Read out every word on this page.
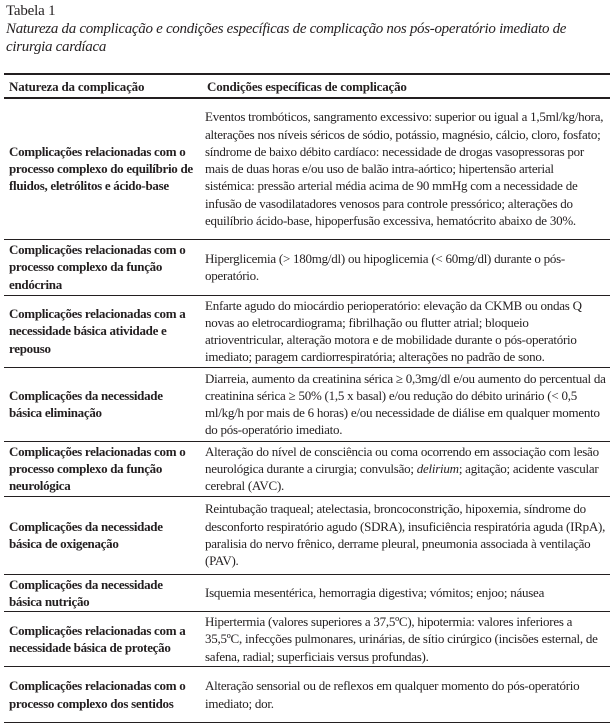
Tabela 1
Natureza da complicação e condições específicas de complicação nos pós-operatório imediato de cirurgia cardíaca
Natureza da complicação	Condições específicas de complicação
Complicações relacionadas com o processo complexo do equilíbrio de fluidos, eletrólitos e ácido-base	Eventos trombóticos, sangramento excessivo: superior ou igual a 1,5ml/kg/hora, alterações nos níveis séricos de sódio, potássio, magnésio, cálcio, cloro, fosfato; síndrome de baixo débito cardíaco: necessidade de drogas vasopressoras por mais de duas horas e/ou uso de balão intra-aórtico; hipertensão arterial sistémica: pressão arterial média acima de 90 mmHg com a necessidade de infusão de vasodilatadores venosos para controle pressórico; alterações do equilíbrio ácido-base, hipoperfusão excessiva, hematócrito abaixo de 30%.
Complicações relacionadas com o processo complexo da função endócrina	Hiperglicemia (> 180mg/dl) ou hipoglicemia (< 60mg/dl) durante o pós-operatório.
Complicações relacionadas com a necessidade básica atividade e repouso	Enfarte agudo do miocárdio perioperatório: elevação da CKMB ou ondas Q novas ao eletrocardiograma; fibrilhação ou flutter atrial; bloqueio atrioventricular, alteração motora e de mobilidade durante o pós-operatório imediato; paragem cardiorrespiratória; alterações no padrão de sono.
Complicações da necessidade básica eliminação	Diarreia, aumento da creatinina sérica ≥ 0,3mg/dl e/ou aumento do percentual da creatinina sérica ≥ 50% (1,5 x basal) e/ou redução do débito urinário (< 0,5 ml/kg/h por mais de 6 horas) e/ou necessidade de diálise em qualquer momento do pós-operatório imediato.
Complicações relacionadas com o processo complexo da função neurológica	Alteração do nível de consciência ou coma ocorrendo em associação com lesão neurológica durante a cirurgia; convulsão; delirium; agitação; acidente vascular cerebral (AVC).
Complicações da necessidade básica de oxigenação	Reintubação traqueal; atelectasia, broncoconstrição, hipoxemia, síndrome do desconforto respiratório agudo (SDRA), insuficiência respiratória aguda (IRpA), paralisia do nervo frênico, derrame pleural, pneumonia associada à ventilação (PAV).
Complicações da necessidade básica nutrição	Isquemia mesentérica, hemorragia digestiva; vómitos; enjoo; náusea
Complicações relacionadas com a necessidade básica de proteção	Hipertermia (valores superiores a 37,5ºC), hipotermia: valores inferiores a 35,5ºC, infecções pulmonares, urinárias, de sítio cirúrgico (incisões esternal, de safena, radial; superficiais versus profundas).
Complicações relacionadas com o processo complexo dos sentidos	Alteração sensorial ou de reflexos em qualquer momento do pós-operatório imediato; dor.
